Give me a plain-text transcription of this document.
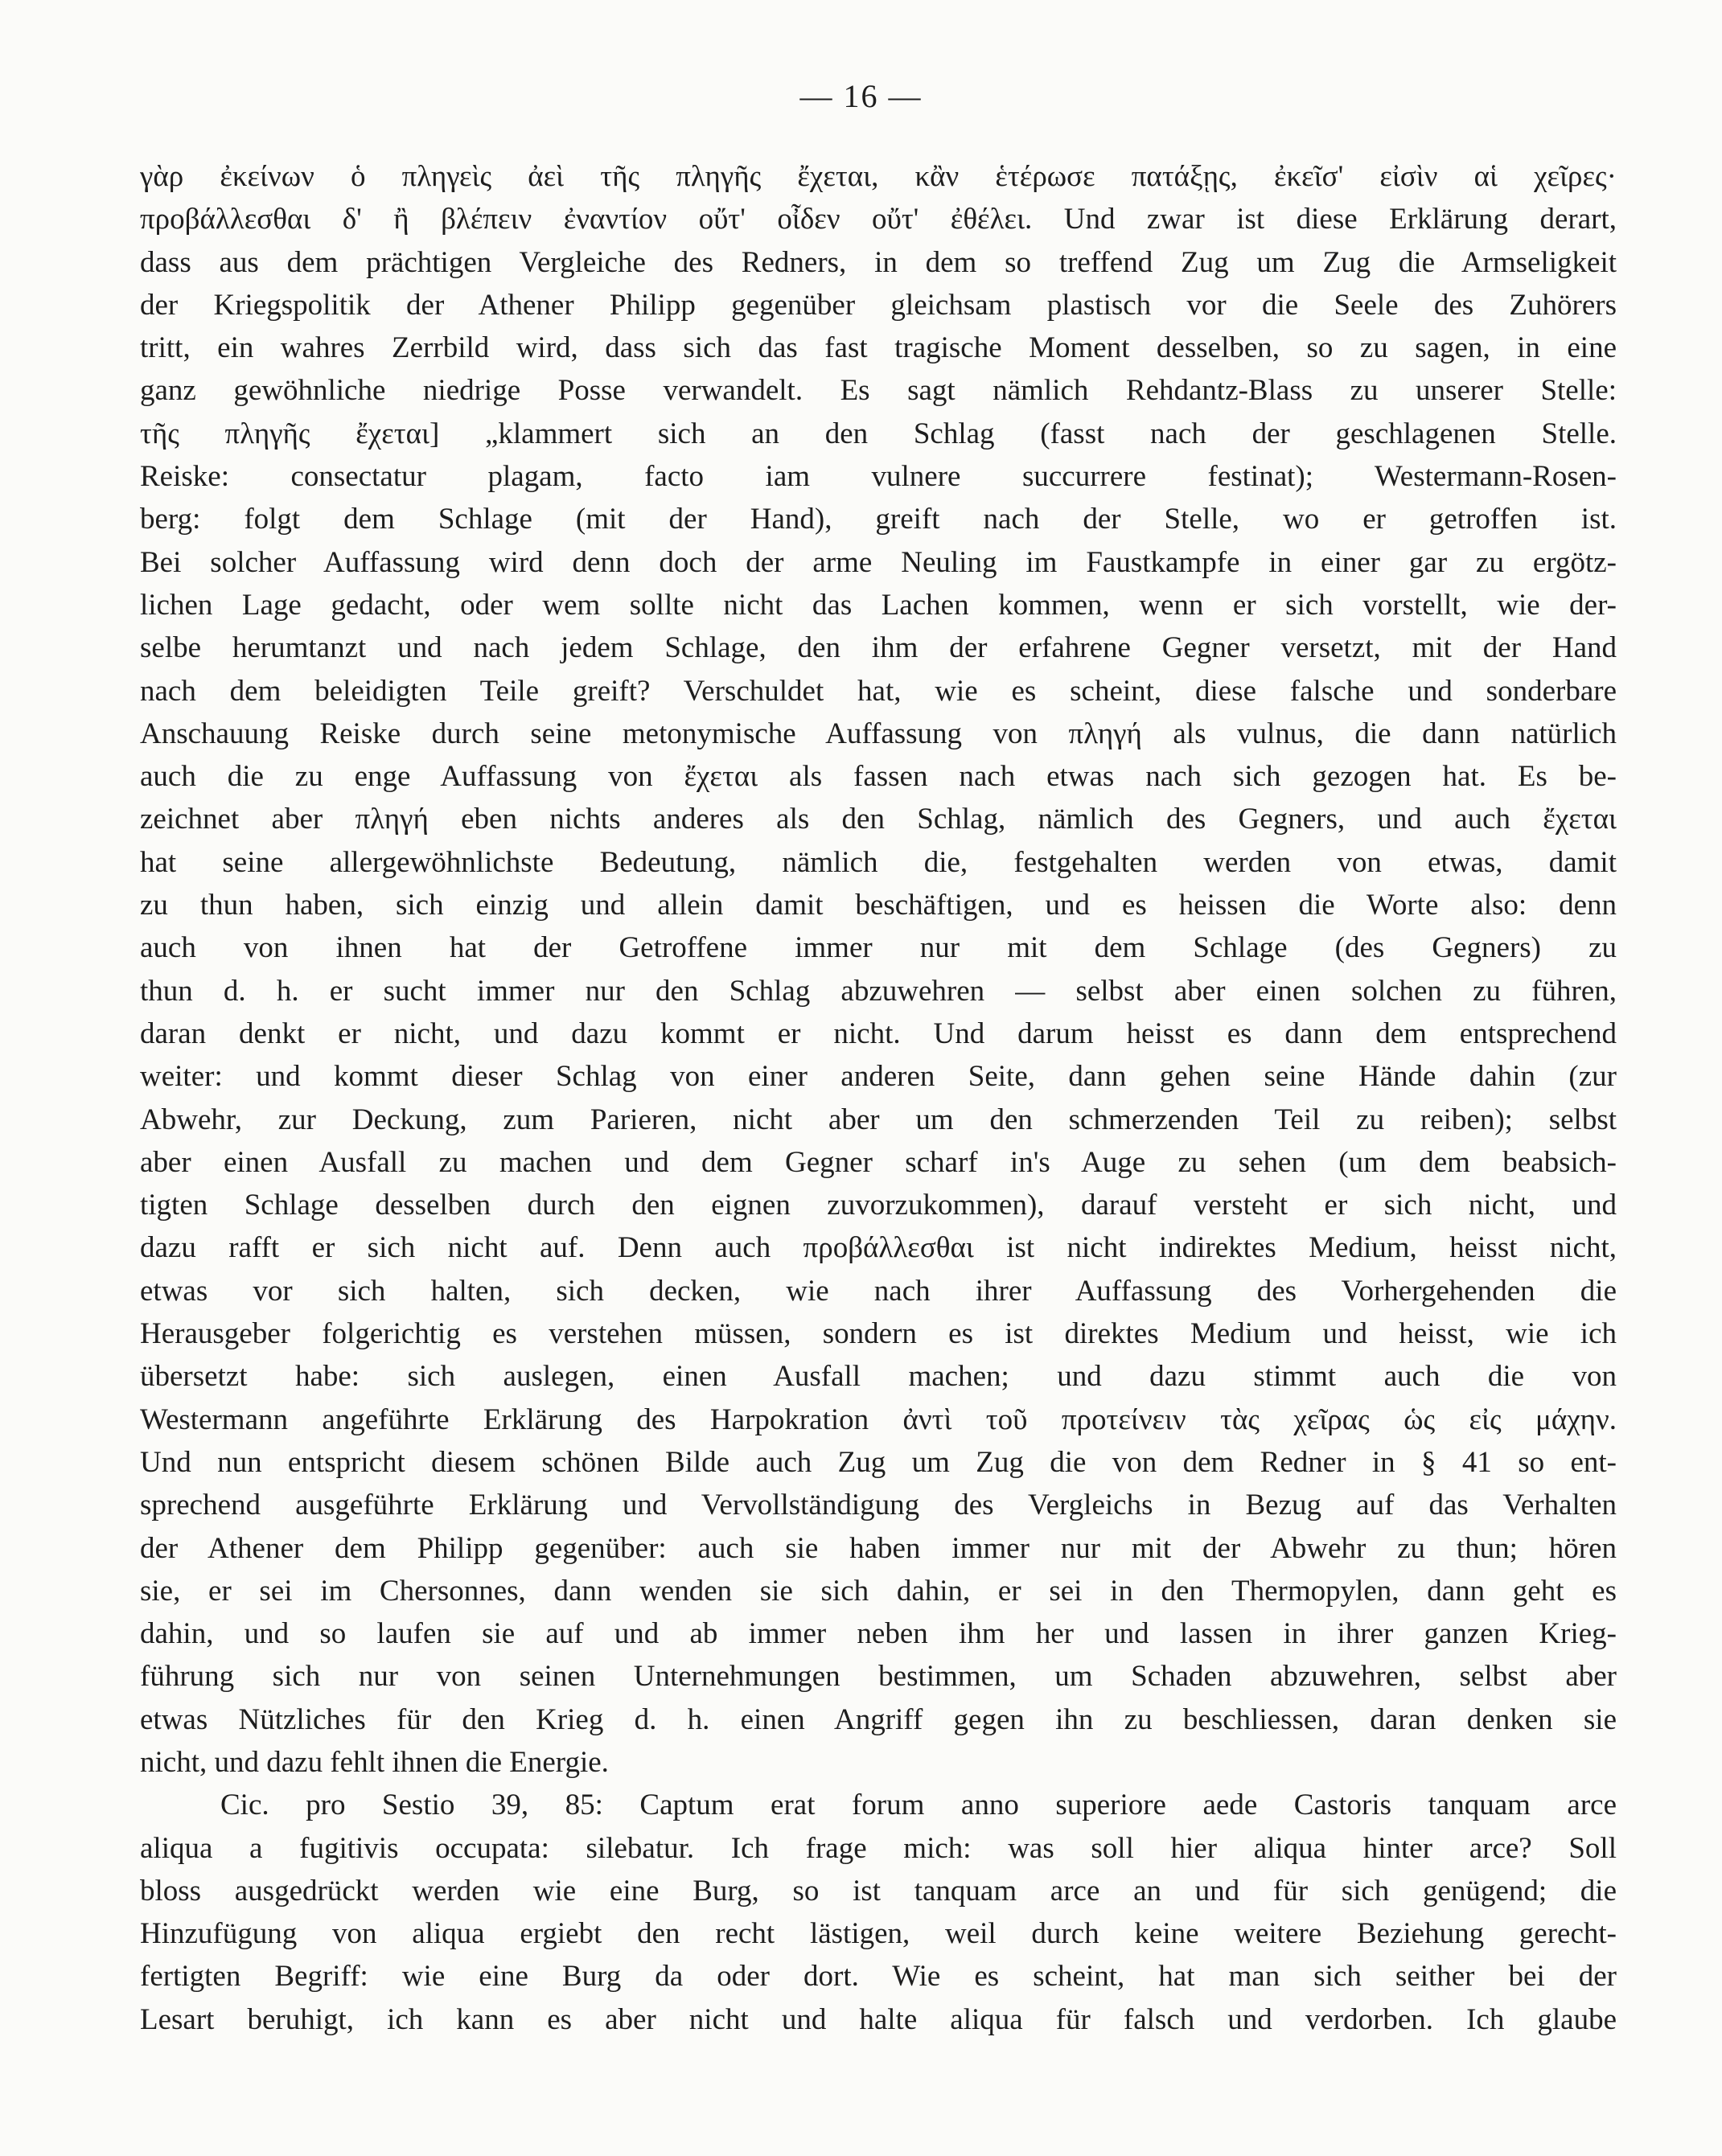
— 16 —
γὰρ ἐκείνων ὁ πληγεὶς ἀεὶ τῆς πληγῆς ἔχεται, κἂν ἑτέρωσε πατάξῃς, ἐκεῖσ' εἰσὶν αἱ χεῖρες·
προβάλλεσθαι δ' ἢ βλέπειν ἐναντίον οὔτ' οἶδεν οὔτ' ἐθέλει. Und zwar ist diese Erklärung derart,
dass aus dem prächtigen Vergleiche des Redners, in dem so treffend Zug um Zug die Armseligkeit
der Kriegspolitik der Athener Philipp gegenüber gleichsam plastisch vor die Seele des Zuhörers
tritt, ein wahres Zerrbild wird, dass sich das fast tragische Moment desselben, so zu sagen, in eine
ganz gewöhnliche niedrige Posse verwandelt. Es sagt nämlich Rehdantz-Blass zu unserer Stelle:
τῆς πληγῆς ἔχεται] „klammert sich an den Schlag (fasst nach der geschlagenen Stelle.
Reiske: consectatur plagam, facto iam vulnere succurrere festinat); Westermann-Rosen-
berg: folgt dem Schlage (mit der Hand), greift nach der Stelle, wo er getroffen ist.
Bei solcher Auffassung wird denn doch der arme Neuling im Faustkampfe in einer gar zu ergötz-
lichen Lage gedacht, oder wem sollte nicht das Lachen kommen, wenn er sich vorstellt, wie der-
selbe herumtanzt und nach jedem Schlage, den ihm der erfahrene Gegner versetzt, mit der Hand
nach dem beleidigten Teile greift? Verschuldet hat, wie es scheint, diese falsche und sonderbare
Anschauung Reiske durch seine metonymische Auffassung von πληγή als vulnus, die dann natürlich
auch die zu enge Auffassung von ἔχεται als fassen nach etwas nach sich gezogen hat. Es be-
zeichnet aber πληγή eben nichts anderes als den Schlag, nämlich des Gegners, und auch ἔχεται
hat seine allergewöhnlichste Bedeutung, nämlich die, festgehalten werden von etwas, damit
zu thun haben, sich einzig und allein damit beschäftigen, und es heissen die Worte also: denn
auch von ihnen hat der Getroffene immer nur mit dem Schlage (des Gegners) zu
thun d. h. er sucht immer nur den Schlag abzuwehren — selbst aber einen solchen zu führen,
daran denkt er nicht, und dazu kommt er nicht. Und darum heisst es dann dem entsprechend
weiter: und kommt dieser Schlag von einer anderen Seite, dann gehen seine Hände dahin (zur
Abwehr, zur Deckung, zum Parieren, nicht aber um den schmerzenden Teil zu reiben); selbst
aber einen Ausfall zu machen und dem Gegner scharf in's Auge zu sehen (um dem beabsich-
tigten Schlage desselben durch den eignen zuvorzukommen), darauf versteht er sich nicht, und
dazu rafft er sich nicht auf. Denn auch προβάλλεσθαι ist nicht indirektes Medium, heisst nicht,
etwas vor sich halten, sich decken, wie nach ihrer Auffassung des Vorhergehenden die
Herausgeber folgerichtig es verstehen müssen, sondern es ist direktes Medium und heisst, wie ich
übersetzt habe: sich auslegen, einen Ausfall machen; und dazu stimmt auch die von
Westermann angeführte Erklärung des Harpokration ἀντὶ τοῦ προτείνειν τὰς χεῖρας ὡς εἰς μάχην.
Und nun entspricht diesem schönen Bilde auch Zug um Zug die von dem Redner in § 41 so ent-
sprechend ausgeführte Erklärung und Vervollständigung des Vergleichs in Bezug auf das Verhalten
der Athener dem Philipp gegenüber: auch sie haben immer nur mit der Abwehr zu thun; hören
sie, er sei im Chersonnes, dann wenden sie sich dahin, er sei in den Thermopylen, dann geht es
dahin, und so laufen sie auf und ab immer neben ihm her und lassen in ihrer ganzen Krieg-
führung sich nur von seinen Unternehmungen bestimmen, um Schaden abzuwehren, selbst aber
etwas Nützliches für den Krieg d. h. einen Angriff gegen ihn zu beschliessen, daran denken sie
nicht, und dazu fehlt ihnen die Energie.
Cic. pro Sestio 39, 85: Captum erat forum anno superiore aede Castoris tanquam arce
aliqua a fugitivis occupata: silebatur. Ich frage mich: was soll hier aliqua hinter arce? Soll
bloss ausgedrückt werden wie eine Burg, so ist tanquam arce an und für sich genügend; die
Hinzufügung von aliqua ergiebt den recht lästigen, weil durch keine weitere Beziehung gerecht-
fertigten Begriff: wie eine Burg da oder dort. Wie es scheint, hat man sich seither bei der
Lesart beruhigt, ich kann es aber nicht und halte aliqua für falsch und verdorben. Ich glaube
